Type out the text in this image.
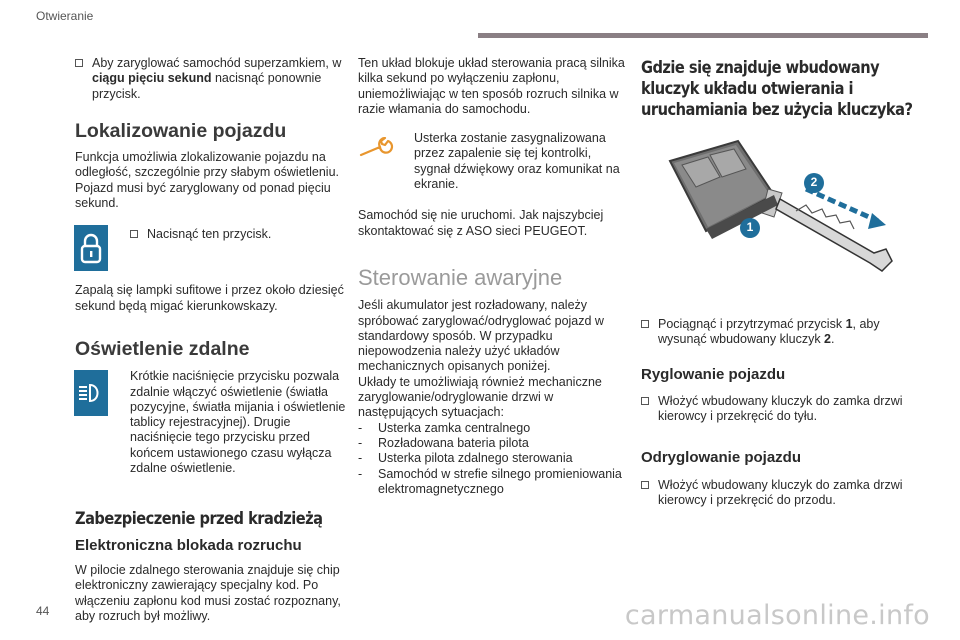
Otwieranie
Aby zaryglować samochód superzamkiem, w ciągu pięciu sekund nacisnąć ponownie przycisk.
Lokalizowanie pojazdu

Funkcja umożliwia zlokalizowanie pojazdu na odległość, szczególnie przy słabym oświetleniu. Pojazd musi być zaryglowany od ponad pięciu sekund.

Nacisnąć ten przycisk.

Zapalą się lampki sufitowe i przez około dziesięć sekund będą migać kierunkowskazy.

Oświetlenie zdalne

Krótkie naciśnięcie przycisku pozwala zdalnie włączyć oświetlenie (światła pozycyjne, światła mijania i oświetlenie tablicy rejestracyjnej). Drugie naciśnięcie tego przycisku przed końcem ustawionego czasu wyłącza zdalne oświetlenie.

Zabezpieczenie przed kradzieżą
Elektroniczna blokada rozruchu

W pilocie zdalnego sterowania znajduje się chip elektroniczny zawierający specjalny kod. Po włączeniu zapłonu kod musi zostać rozpoznany, aby rozruch był możliwy.

Ten układ blokuje układ sterowania pracą silnika kilka sekund po wyłączeniu zapłonu, uniemożliwiając w ten sposób rozruch silnika w razie włamania do samochodu.

Usterka zostanie zasygnalizowana przez zapalenie się tej kontrolki, sygnał dźwiękowy oraz komunikat na ekranie.

Samochód się nie uruchomi. Jak najszybciej skontaktować się z ASO sieci PEUGEOT.

Sterowanie awaryjne

Jeśli akumulator jest rozładowany, należy spróbować zaryglować/odryglować pojazd w standardowy sposób. W przypadku niepowodzenia należy użyć układów mechanicznych opisanych poniżej.

Układy te umożliwiają również mechaniczne zaryglowanie/odryglowanie drzwi w następujących sytuacjach:

- Usterka zamka centralnego
- Rozładowana bateria pilota
- Usterka pilota zdalnego sterowania
- Samochód w strefie silnego promieniowania elektromagnetycznego
Gdzie się znajduje wbudowany
kluczyk układu otwierania i
uruchamiania bez użycia kluczyka?
1
2
Pociągnąć i przytrzymać przycisk 1, aby wysunąć wbudowany kluczyk 2.
Ryglowanie pojazdu
Włożyć wbudowany kluczyk do zamka drzwi kierowcy i przekręcić do tyłu.
Odryglowanie pojazdu
Włożyć wbudowany kluczyk do zamka drzwi kierowcy i przekręcić do przodu.
44	carmanualsonline.info
